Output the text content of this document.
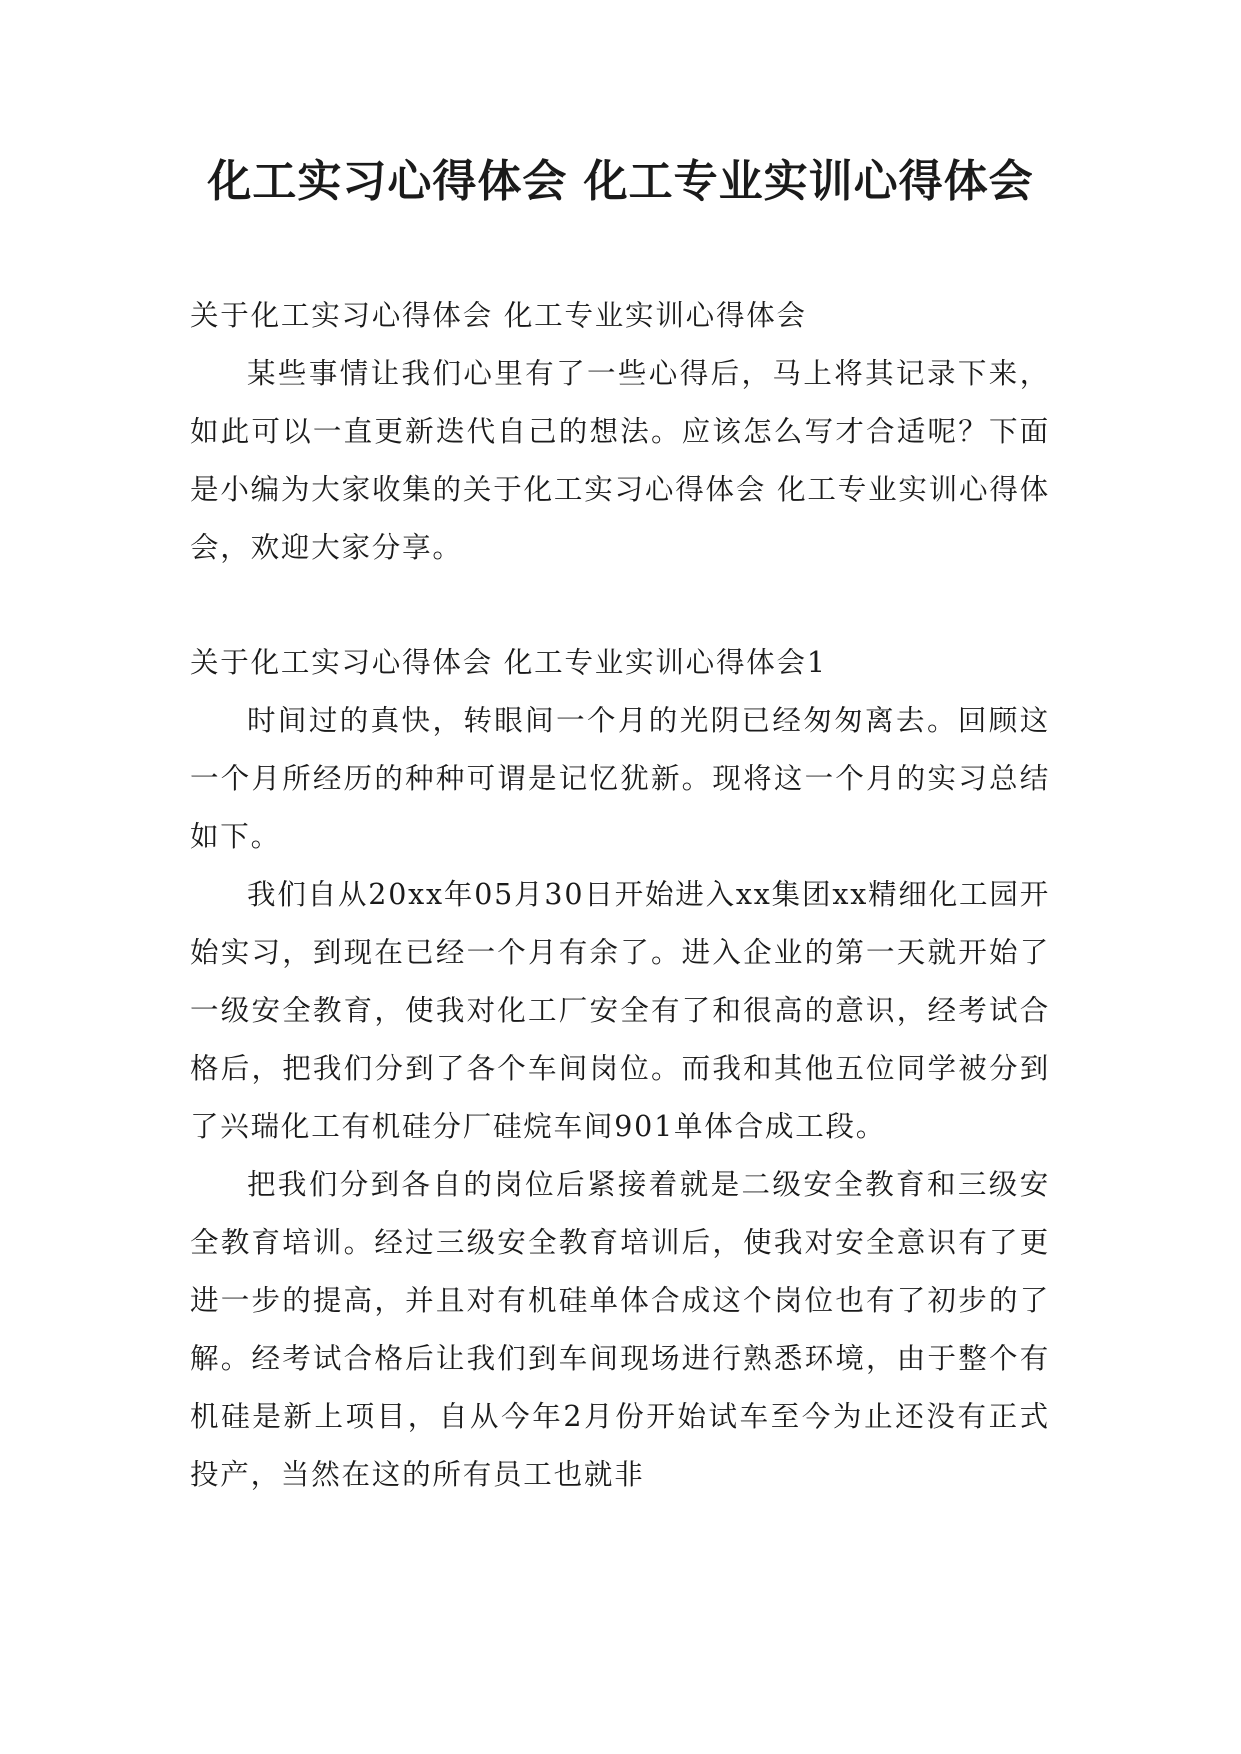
化工实习心得体会 化工专业实训心得体会

关于化工实习心得体会 化工专业实训心得体会

某些事情让我们心里有了一些心得后，马上将其记录下来，如此可以一直更新迭代自己的想法。应该怎么写才合适呢？下面是小编为大家收集的关于化工实习心得体会 化工专业实训心得体会，欢迎大家分享。

关于化工实习心得体会 化工专业实训心得体会1

时间过的真快，转眼间一个月的光阴已经匆匆离去。回顾这一个月所经历的种种可谓是记忆犹新。现将这一个月的实习总结如下。

我们自从20xx年05月30日开始进入xx集团xx精细化工园开始实习，到现在已经一个月有余了。进入企业的第一天就开始了一级安全教育，使我对化工厂安全有了和很高的意识，经考试合格后，把我们分到了各个车间岗位。而我和其他五位同学被分到了兴瑞化工有机硅分厂硅烷车间901单体合成工段。

把我们分到各自的岗位后紧接着就是二级安全教育和三级安全教育培训。经过三级安全教育培训后，使我对安全意识有了更进一步的提高，并且对有机硅单体合成这个岗位也有了初步的了解。经考试合格后让我们到车间现场进行熟悉环境，由于整个有机硅是新上项目，自从今年2月份开始试车至今为止还没有正式投产，当然在这的所有员工也就非
